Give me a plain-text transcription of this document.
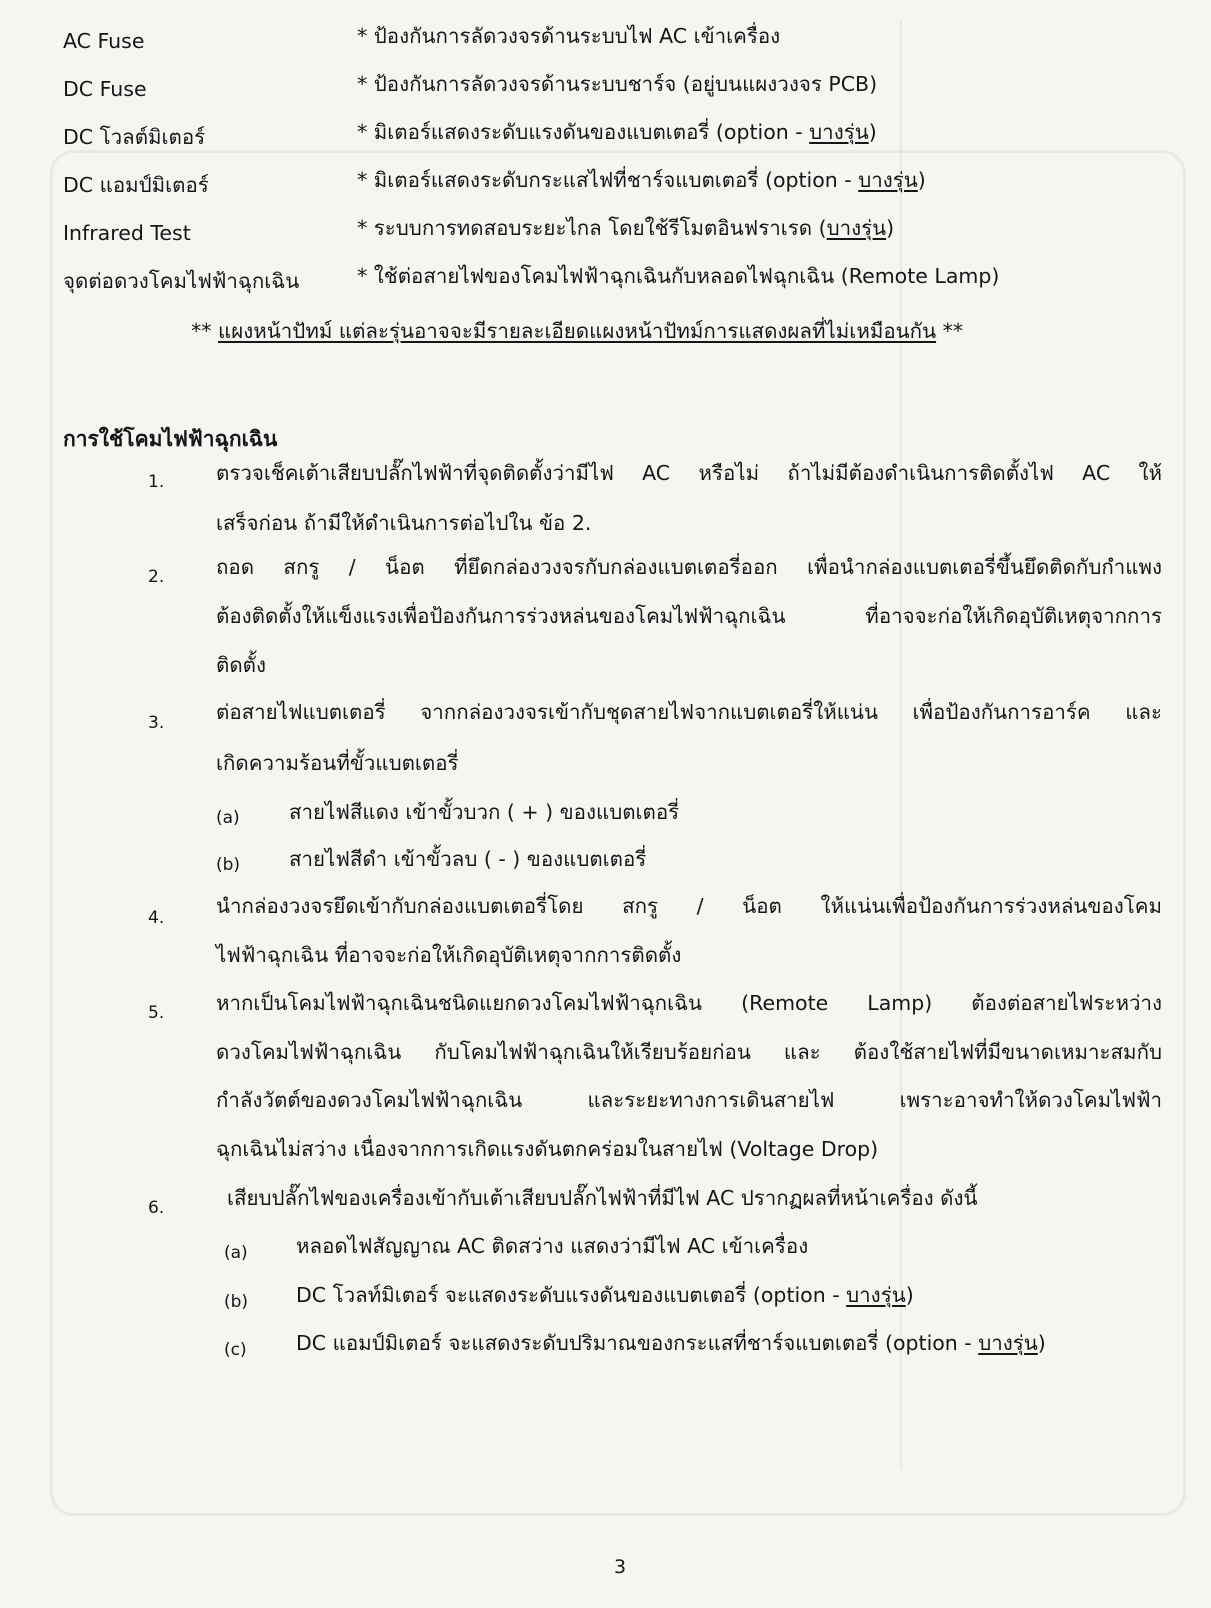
AC Fuse	* ป้องกันการลัดวงจรด้านระบบไฟ AC เข้าเครื่อง
DC Fuse	* ป้องกันการลัดวงจรด้านระบบชาร์จ (อยู่บนแผงวงจร PCB)
DC โวลต์มิเตอร์	* มิเตอร์แสดงระดับแรงดันของแบตเตอรี่ (option - บางรุ่น)
DC แอมป์มิเตอร์	* มิเตอร์แสดงระดับกระแสไฟที่ชาร์จแบตเตอรี่ (option - บางรุ่น)
Infrared Test	* ระบบการทดสอบระยะไกล โดยใช้รีโมตอินฟราเรด (บางรุ่น)
จุดต่อดวงโคมไฟฟ้าฉุกเฉิน	* ใช้ต่อสายไฟของโคมไฟฟ้าฉุกเฉินกับหลอดไฟฉุกเฉิน (Remote Lamp)
** แผงหน้าปัทม์ แต่ละรุ่นอาจจะมีรายละเอียดแผงหน้าปัทม์การแสดงผลที่ไม่เหมือนกัน **
การใช้โคมไฟฟ้าฉุกเฉิน
1.	ตรวจเช็คเต้าเสียบปลั๊กไฟฟ้าที่จุดติดตั้งว่ามีไฟ AC หรือไม่ ถ้าไม่มีต้องดำเนินการติดตั้งไฟ AC ให้
เสร็จก่อน ถ้ามีให้ดำเนินการต่อไปใน ข้อ 2.
2.	ถอด สกรู / น็อต ที่ยึดกล่องวงจรกับกล่องแบตเตอรี่ออก เพื่อนำกล่องแบตเตอรี่ขึ้นยึดติดกับกำแพง
ต้องติดตั้งให้แข็งแรงเพื่อป้องกันการร่วงหล่นของโคมไฟฟ้าฉุกเฉิน ที่อาจจะก่อให้เกิดอุบัติเหตุจากการ
ติดตั้ง
3.	ต่อสายไฟแบตเตอรี่ จากกล่องวงจรเข้ากับชุดสายไฟจากแบตเตอรี่ให้แน่น เพื่อป้องกันการอาร์ค และ
เกิดความร้อนที่ขั้วแบตเตอรี่
(a) สายไฟสีแดง เข้าขั้วบวก ( + ) ของแบตเตอรี่
(b) สายไฟสีดำ เข้าขั้วลบ ( - ) ของแบตเตอรี่
4.	นำกล่องวงจรยึดเข้ากับกล่องแบตเตอรี่โดย สกรู / น็อต ให้แน่นเพื่อป้องกันการร่วงหล่นของโคม
ไฟฟ้าฉุกเฉิน ที่อาจจะก่อให้เกิดอุบัติเหตุจากการติดตั้ง
5.	หากเป็นโคมไฟฟ้าฉุกเฉินชนิดแยกดวงโคมไฟฟ้าฉุกเฉิน (Remote Lamp) ต้องต่อสายไฟระหว่าง
ดวงโคมไฟฟ้าฉุกเฉิน กับโคมไฟฟ้าฉุกเฉินให้เรียบร้อยก่อน และ ต้องใช้สายไฟที่มีขนาดเหมาะสมกับ
กำลังวัตต์ของดวงโคมไฟฟ้าฉุกเฉิน และระยะทางการเดินสายไฟ เพราะอาจทำให้ดวงโคมไฟฟ้า
ฉุกเฉินไม่สว่าง เนื่องจากการเกิดแรงดันตกคร่อมในสายไฟ (Voltage Drop)
6.	เสียบปลั๊กไฟของเครื่องเข้ากับเต้าเสียบปลั๊กไฟฟ้าที่มีไฟ AC ปรากฏผลที่หน้าเครื่อง ดังนี้
(a) หลอดไฟสัญญาณ AC ติดสว่าง แสดงว่ามีไฟ AC เข้าเครื่อง
(b) DC โวลท์มิเตอร์ จะแสดงระดับแรงดันของแบตเตอรี่ (option - บางรุ่น)
(c) DC แอมป์มิเตอร์ จะแสดงระดับปริมาณของกระแสที่ชาร์จแบตเตอรี่ (option - บางรุ่น)
3
